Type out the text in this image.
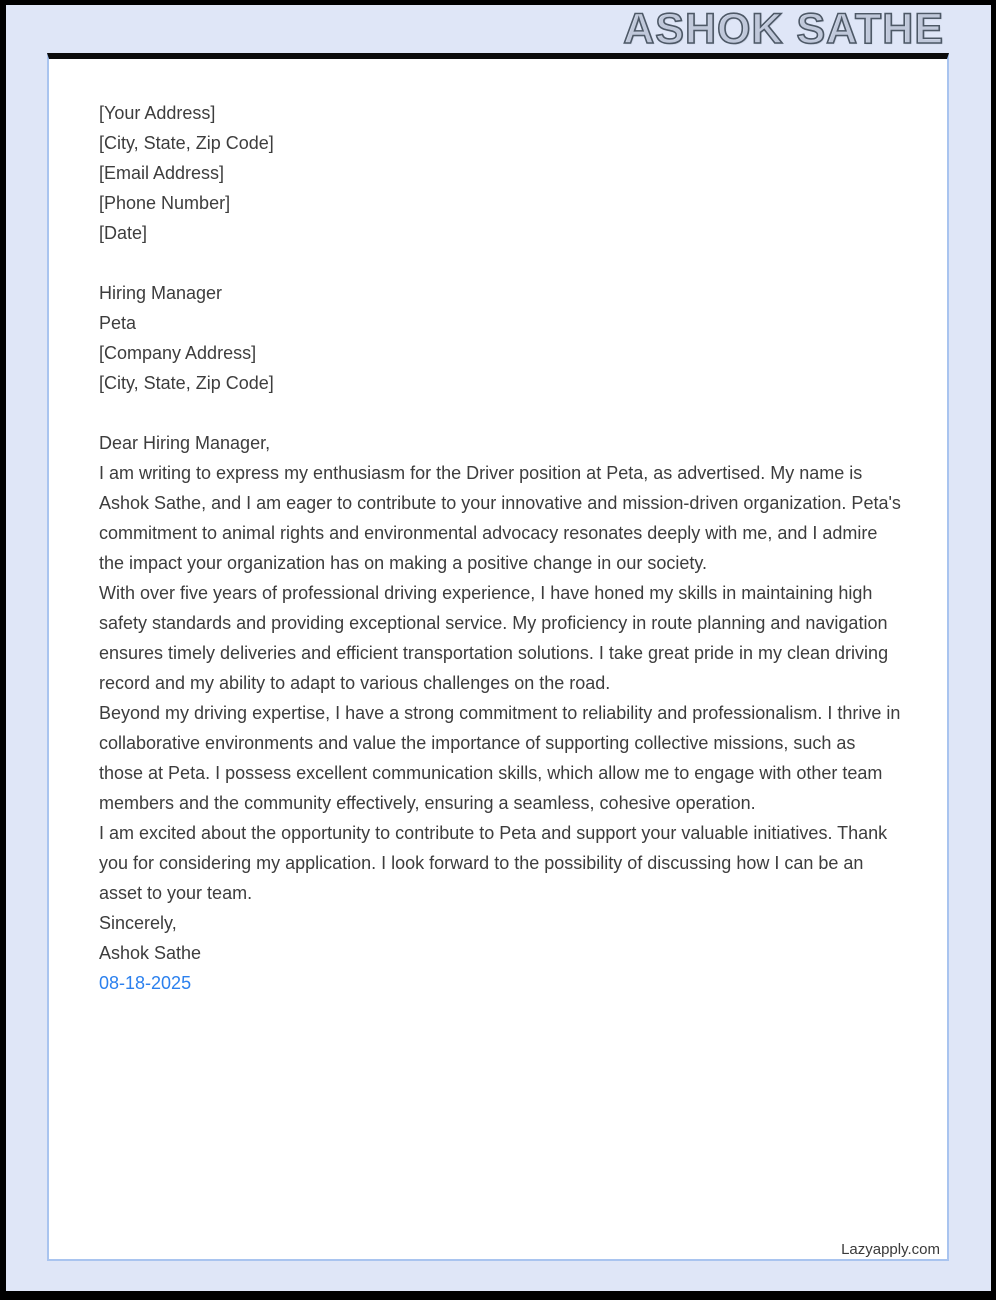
ASHOK SATHE
[Your Address]
[City, State, Zip Code]
[Email Address]
[Phone Number]
[Date]
Hiring Manager
Peta
[Company Address]
[City, State, Zip Code]

Dear Hiring Manager,

I am writing to express my enthusiasm for the Driver position at Peta, as advertised. My name is Ashok Sathe, and I am eager to contribute to your innovative and mission-driven organization. Peta's commitment to animal rights and environmental advocacy resonates deeply with me, and I admire the impact your organization has on making a positive change in our society.

With over five years of professional driving experience, I have honed my skills in maintaining high safety standards and providing exceptional service. My proficiency in route planning and navigation ensures timely deliveries and efficient transportation solutions. I take great pride in my clean driving record and my ability to adapt to various challenges on the road.

Beyond my driving expertise, I have a strong commitment to reliability and professionalism. I thrive in collaborative environments and value the importance of supporting collective missions, such as those at Peta. I possess excellent communication skills, which allow me to engage with other team members and the community effectively, ensuring a seamless, cohesive operation.

I am excited about the opportunity to contribute to Peta and support your valuable initiatives. Thank you for considering my application. I look forward to the possibility of discussing how I can be an asset to your team.

Sincerely,

Ashok Sathe

08-18-2025

Lazyapply.com
